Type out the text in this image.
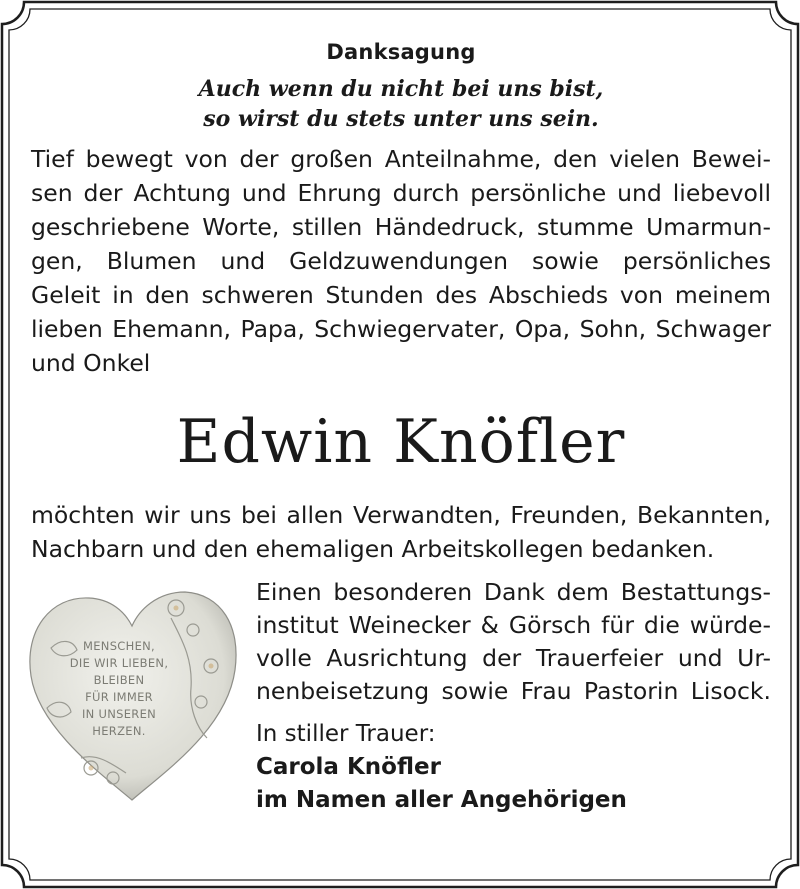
Danksagung
Auch wenn du nicht bei uns bist,
so wirst du stets unter uns sein.
Tief bewegt von der großen Anteilnahme, den vielen Bewei-
sen der Achtung und Ehrung durch persönliche und liebevoll
geschriebene Worte, stillen Händedruck, stumme Umarmun-
gen, Blumen und Geldzuwendungen sowie persönliches
Geleit in den schweren Stunden des Abschieds von meinem
lieben Ehemann, Papa, Schwiegervater, Opa, Sohn, Schwager
und Onkel
Edwin Knöfler
möchten wir uns bei allen Verwandten, Freunden, Bekannten,
Nachbarn und den ehemaligen Arbeitskollegen bedanken.
MENSCHEN,
DIE WIR LIEBEN,
BLEIBEN
FÜR IMMER
IN UNSEREN
HERZEN.
Einen besonderen Dank dem Bestattungs-
institut Weinecker & Görsch für die würde-
volle Ausrichtung der Trauerfeier und Ur-
nenbeisetzung sowie Frau Pastorin Lisock.
In stiller Trauer:
Carola Knöfler
im Namen aller Angehörigen
